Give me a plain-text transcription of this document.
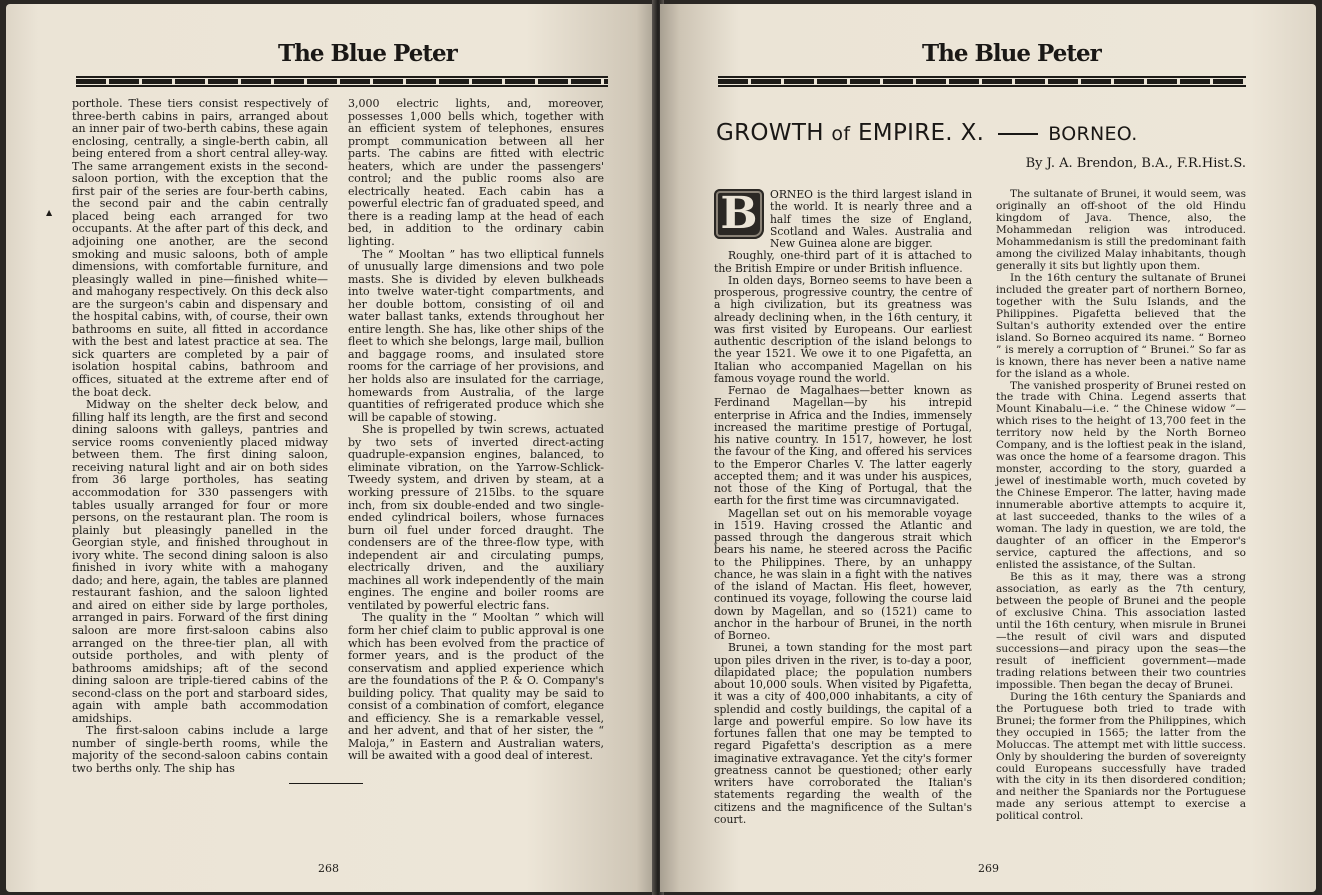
The Blue Peter
▲

porthole. These tiers consist respectively of three-berth cabins in pairs, arranged about an inner pair of two-berth cabins, these again enclosing, centrally, a single-berth cabin, all being entered from a short central alley-way. The same arrangement exists in the second-saloon portion, with the exception that the first pair of the series are four-berth cabins, the second pair and the cabin centrally placed being each arranged for two occupants. At the after part of this deck, and adjoining one another, are the second smoking and music saloons, both of ample dimensions, with comfortable furniture, and pleasingly walled in pine—finished white—and mahogany respectively. On this deck also are the surgeon's cabin and dispensary and the hospital cabins, with, of course, their own bathrooms en suite, all fitted in accordance with the best and latest practice at sea. The sick quarters are completed by a pair of isolation hospital cabins, bathroom and offices, situated at the extreme after end of the boat deck.

Midway on the shelter deck below, and filling half its length, are the first and second dining saloons with galleys, pantries and service rooms conveniently placed midway between them. The first dining saloon, receiving natural light and air on both sides from 36 large portholes, has seating accommodation for 330 passengers with tables usually arranged for four or more persons, on the restaurant plan. The room is plainly but pleasingly panelled in the Georgian style, and finished throughout in ivory white. The second dining saloon is also finished in ivory white with a mahogany dado; and here, again, the tables are planned restaurant fashion, and the saloon lighted and aired on either side by large portholes, arranged in pairs. Forward of the first dining saloon are more first-saloon cabins also arranged on the three-tier plan, all with outside portholes, and with plenty of bathrooms amidships; aft of the second dining saloon are triple-tiered cabins of the second-class on the port and starboard sides, again with ample bath accommodation amidships.

The first-saloon cabins include a large number of single-berth rooms, while the majority of the second-saloon cabins contain two berths only. The ship has

3,000 electric lights, and, moreover, possesses 1,000 bells which, together with an efficient system of telephones, ensures prompt communication between all her parts. The cabins are fitted with electric heaters, which are under the passengers' control; and the public rooms also are electrically heated. Each cabin has a powerful electric fan of graduated speed, and there is a reading lamp at the head of each bed, in addition to the ordinary cabin lighting.

The “ Mooltan ” has two elliptical funnels of unusually large dimensions and two pole masts. She is divided by eleven bulkheads into twelve water-tight compartments, and her double bottom, consisting of oil and water ballast tanks, extends throughout her entire length. She has, like other ships of the fleet to which she belongs, large mail, bullion and baggage rooms, and insulated store rooms for the carriage of her provisions, and her holds also are insulated for the carriage, homewards from Australia, of the large quantities of refrigerated produce which she will be capable of stowing.

She is propelled by twin screws, actuated by two sets of inverted direct-acting quadruple-expansion engines, balanced, to eliminate vibration, on the Yarrow-Schlick-Tweedy system, and driven by steam, at a working pressure of 215lbs. to the square inch, from six double-ended and two single-ended cylindrical boilers, whose furnaces burn oil fuel under forced draught. The condensers are of the three-flow type, with independent air and circulating pumps, electrically driven, and the auxiliary machines all work independently of the main engines. The engine and boiler rooms are ventilated by powerful electric fans.

The quality in the “ Mooltan ” which will form her chief claim to public approval is one which has been evolved from the practice of former years, and is the product of the conservatism and applied experience which are the foundations of the P. & O. Company's building policy. That quality may be said to consist of a combination of comfort, elegance and efficiency. She is a remarkable vessel, and her advent, and that of her sister, the “ Maloja,” in Eastern and Australian waters, will be awaited with a good deal of interest.

268
The Blue Peter
GROWTH of EMPIRE. X.	BORNEO.
By J. A. Brendon, B.A., F.R.Hist.S.

B	ORNEO is the third largest island in the world. It is nearly three and a half times the size of England, Scotland and Wales. Australia and New Guinea alone are bigger.

Roughly, one-third part of it is attached to the British Empire or under British influence.

In olden days, Borneo seems to have been a prosperous, progressive country, the centre of a high civilization, but its greatness was already declining when, in the 16th century, it was first visited by Europeans. Our earliest authentic description of the island belongs to the year 1521. We owe it to one Pigafetta, an Italian who accompanied Magellan on his famous voyage round the world.

Fernao de Magalhaes—better known as Ferdinand Magellan—by his intrepid enterprise in Africa and the Indies, immensely increased the maritime prestige of Portugal, his native country. In 1517, however, he lost the favour of the King, and offered his services to the Emperor Charles V. The latter eagerly accepted them; and it was under his auspices, not those of the King of Portugal, that the earth for the first time was circumnavigated.

Magellan set out on his memorable voyage in 1519. Having crossed the Atlantic and passed through the dangerous strait which bears his name, he steered across the Pacific to the Philippines. There, by an unhappy chance, he was slain in a fight with the natives of the island of Mactan. His fleet, however, continued its voyage, following the course laid down by Magellan, and so (1521) came to anchor in the harbour of Brunei, in the north of Borneo.

Brunei, a town standing for the most part upon piles driven in the river, is to-day a poor, dilapidated place; the population numbers about 10,000 souls. When visited by Pigafetta, it was a city of 400,000 inhabitants, a city of splendid and costly buildings, the capital of a large and powerful empire. So low have its fortunes fallen that one may be tempted to regard Pigafetta's description as a mere imaginative extravagance. Yet the city's former greatness cannot be questioned; other early writers have corroborated the Italian's statements regarding the wealth of the citizens and the magnificence of the Sultan's court.

The sultanate of Brunei, it would seem, was originally an off-shoot of the old Hindu kingdom of Java. Thence, also, the Mohammedan religion was introduced. Mohammedanism is still the predominant faith among the civilized Malay inhabitants, though generally it sits but lightly upon them.

In the 16th century the sultanate of Brunei included the greater part of northern Borneo, together with the Sulu Islands, and the Philippines. Pigafetta believed that the Sultan's authority extended over the entire island. So Borneo acquired its name. “ Borneo ” is merely a corruption of “ Brunei.” So far as is known, there has never been a native name for the island as a whole.

The vanished prosperity of Brunei rested on the trade with China. Legend asserts that Mount Kinabalu—i.e. “ the Chinese widow ”—which rises to the height of 13,700 feet in the territory now held by the North Borneo Company, and is the loftiest peak in the island, was once the home of a fearsome dragon. This monster, according to the story, guarded a jewel of inestimable worth, much coveted by the Chinese Emperor. The latter, having made innumerable abortive attempts to acquire it, at last succeeded, thanks to the wiles of a woman. The lady in question, we are told, the daughter of an officer in the Emperor's service, captured the affections, and so enlisted the assistance, of the Sultan.

Be this as it may, there was a strong association, as early as the 7th century, between the people of Brunei and the people of exclusive China. This association lasted until the 16th century, when misrule in Brunei—the result of civil wars and disputed successions—and piracy upon the seas—the result of inefficient government—made trading relations between their two countries impossible. Then began the decay of Brunei.

During the 16th century the Spaniards and the Portuguese both tried to trade with Brunei; the former from the Philippines, which they occupied in 1565; the latter from the Moluccas. The attempt met with little success. Only by shouldering the burden of sovereignty could Europeans successfully have traded with the city in its then disordered condition; and neither the Spaniards nor the Portuguese made any serious attempt to exercise a political control.

269
